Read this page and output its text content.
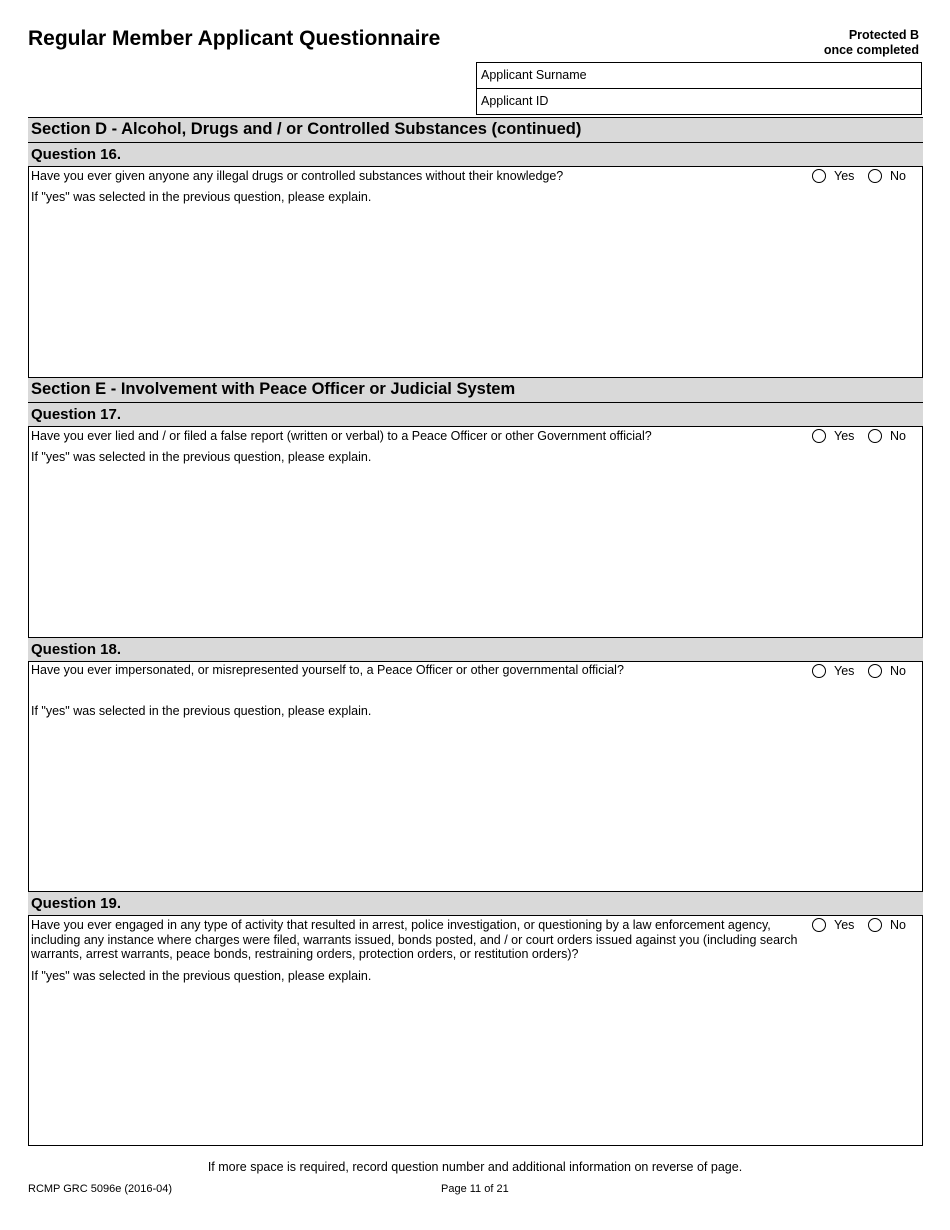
Regular Member Applicant Questionnaire	Protected B
once completed
Applicant Surname
Applicant ID
Section D - Alcohol, Drugs and / or Controlled Substances (continued)
Question 16.
Have you ever given anyone any illegal drugs or controlled substances without their knowledge?	Yes	No
If "yes" was selected in the previous question, please explain.
Section E - Involvement with Peace Officer or Judicial System
Question 17.
Have you ever lied and / or filed a false report (written or verbal) to a Peace Officer or other Government official?	Yes	No
If "yes" was selected in the previous question, please explain.
Question 18.
Have you ever impersonated, or misrepresented yourself to, a Peace Officer or other governmental official?	Yes	No
If "yes" was selected in the previous question, please explain.
Question 19.
Have you ever engaged in any type of activity that resulted in arrest, police investigation, or questioning by a law enforcement agency, including any instance where charges were filed, warrants issued, bonds posted, and / or court orders issued against you (including search warrants, arrest warrants, peace bonds, restraining orders, protection orders, or restitution orders)?
Yes	No
If "yes" was selected in the previous question, please explain.
If more space is required, record question number and additional information on reverse of page.
RCMP GRC 5096e (2016-04)	Page 11 of 21
